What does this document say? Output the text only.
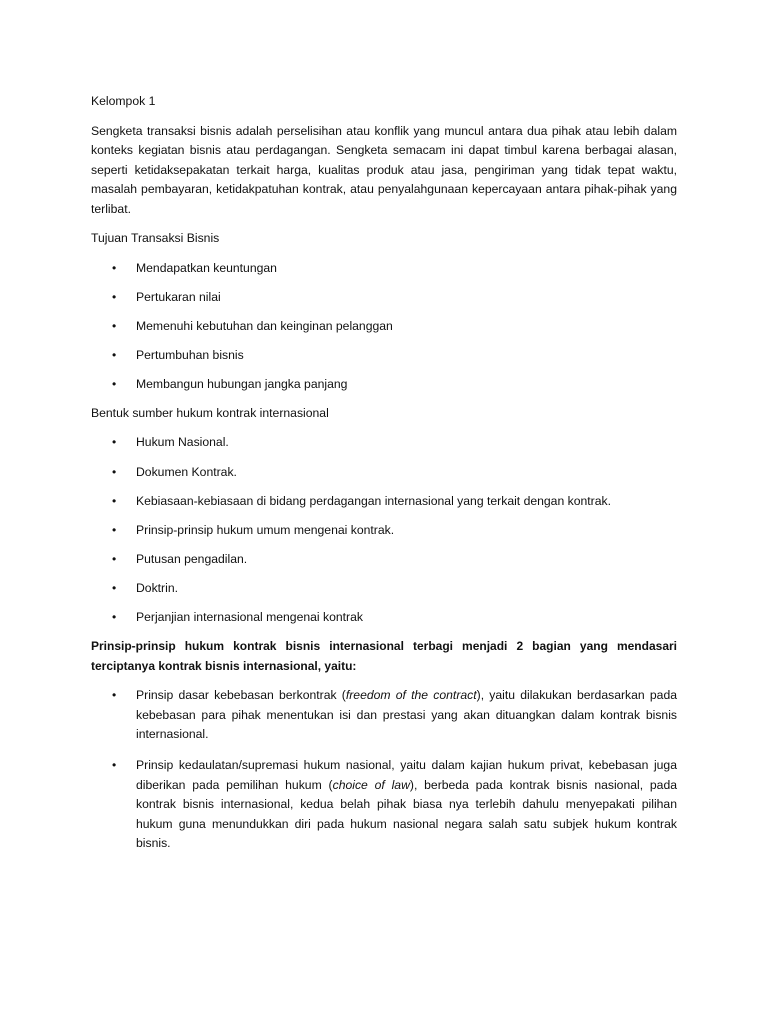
Kelompok 1

Sengketa transaksi bisnis adalah perselisihan atau konflik yang muncul antara dua pihak atau lebih dalam konteks kegiatan bisnis atau perdagangan. Sengketa semacam ini dapat timbul karena berbagai alasan, seperti ketidaksepakatan terkait harga, kualitas produk atau jasa, pengiriman yang tidak tepat waktu, masalah pembayaran, ketidakpatuhan kontrak, atau penyalahgunaan kepercayaan antara pihak-pihak yang terlibat.

Tujuan Transaksi Bisnis

• Mendapatkan keuntungan
• Pertukaran nilai
• Memenuhi kebutuhan dan keinginan pelanggan
• Pertumbuhan bisnis
• Membangun hubungan jangka panjang

Bentuk sumber hukum kontrak internasional

• Hukum Nasional.
• Dokumen Kontrak.
• Kebiasaan-kebiasaan di bidang perdagangan internasional yang terkait dengan kontrak.
• Prinsip-prinsip hukum umum mengenai kontrak.
• Putusan pengadilan.
• Doktrin.
• Perjanjian internasional mengenai kontrak

Prinsip-prinsip hukum kontrak bisnis internasional terbagi menjadi 2 bagian yang mendasari terciptanya kontrak bisnis internasional, yaitu:

• Prinsip dasar kebebasan berkontrak (freedom of the contract), yaitu dilakukan berdasarkan pada kebebasan para pihak menentukan isi dan prestasi yang akan dituangkan dalam kontrak bisnis internasional.
• Prinsip kedaulatan/supremasi hukum nasional, yaitu dalam kajian hukum privat, kebebasan juga diberikan pada pemilihan hukum (choice of law), berbeda pada kontrak bisnis nasional, pada kontrak bisnis internasional, kedua belah pihak biasa nya terlebih dahulu menyepakati pilihan hukum guna menundukkan diri pada hukum nasional negara salah satu subjek hukum kontrak bisnis.
